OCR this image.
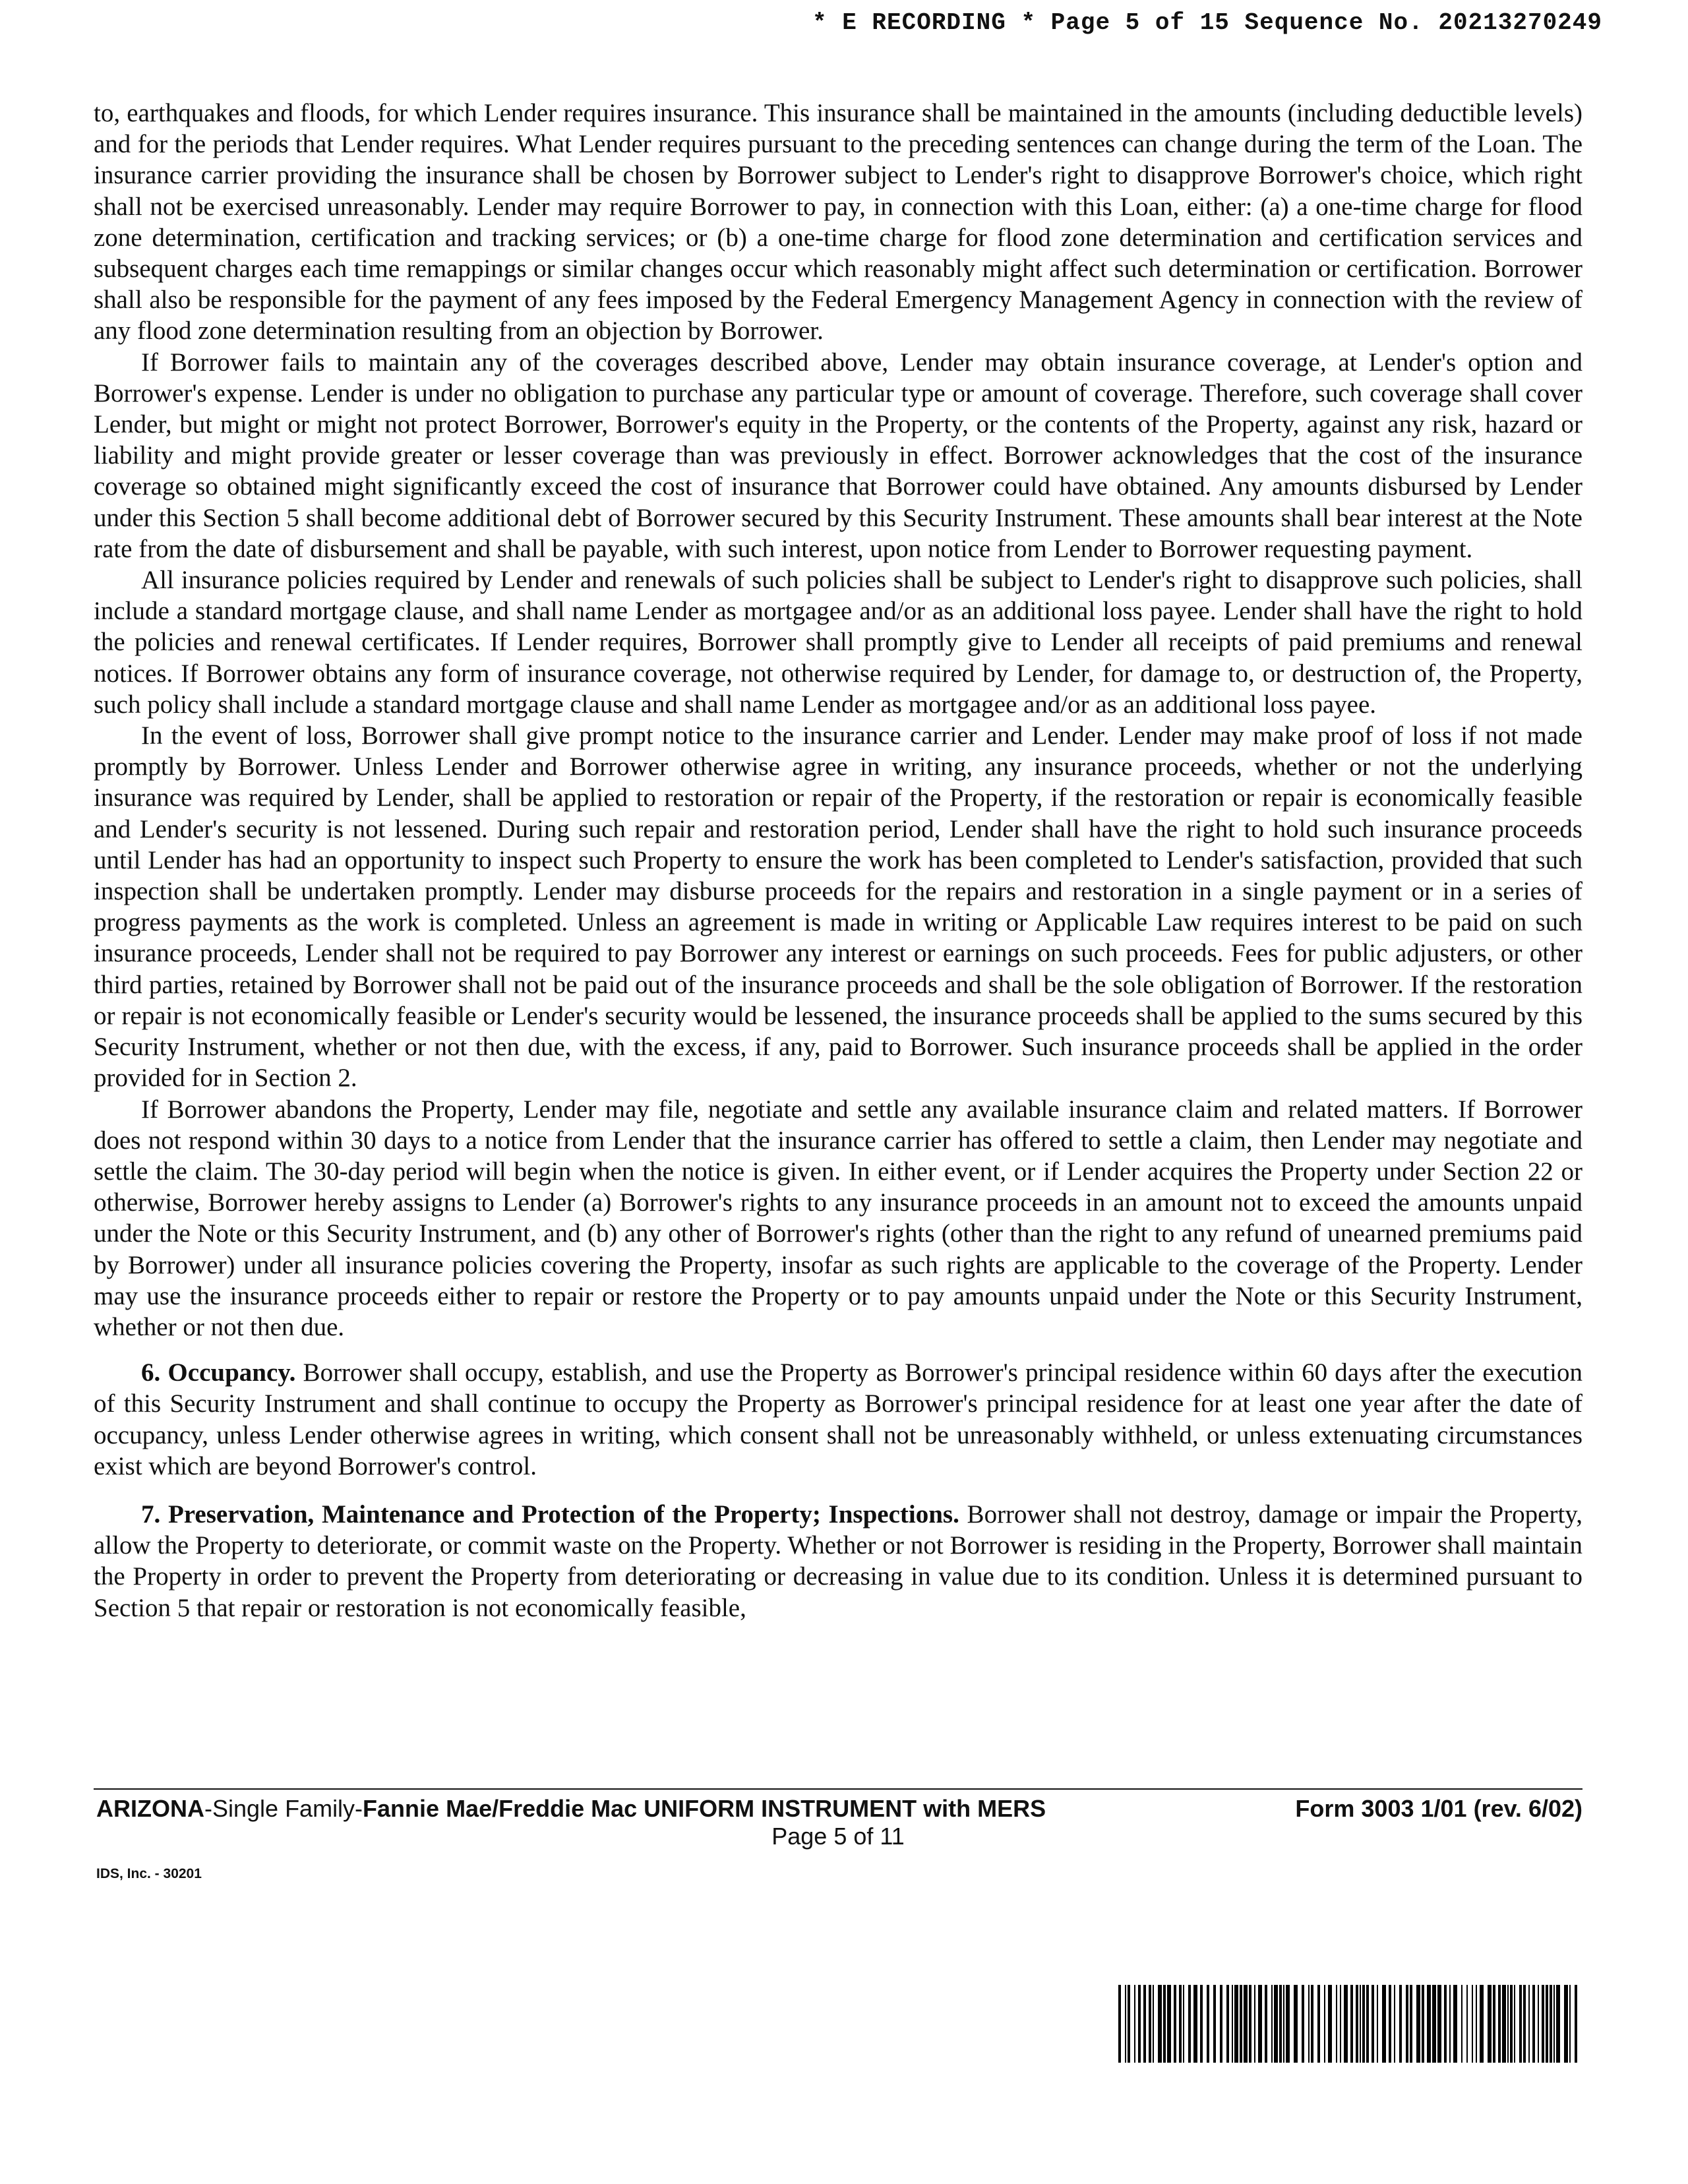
* E RECORDING * Page 5 of 15 Sequence No. 20213270249

to, earthquakes and floods, for which Lender requires insurance. This insurance shall be maintained in the amounts (including deductible levels) and for the periods that Lender requires. What Lender requires pursuant to the preceding sentences can change during the term of the Loan. The insurance carrier providing the insurance shall be chosen by Borrower subject to Lender's right to disapprove Borrower's choice, which right shall not be exercised unreasonably. Lender may require Borrower to pay, in connection with this Loan, either: (a) a one-time charge for flood zone determination, certification and tracking services; or (b) a one-time charge for flood zone determination and certification services and subsequent charges each time remappings or similar changes occur which reasonably might affect such determination or certification. Borrower shall also be responsible for the payment of any fees imposed by the Federal Emergency Management Agency in connection with the review of any flood zone determination resulting from an objection by Borrower.

If Borrower fails to maintain any of the coverages described above, Lender may obtain insurance coverage, at Lender's option and Borrower's expense. Lender is under no obligation to purchase any particular type or amount of coverage. Therefore, such coverage shall cover Lender, but might or might not protect Borrower, Borrower's equity in the Property, or the contents of the Property, against any risk, hazard or liability and might provide greater or lesser coverage than was previously in effect. Borrower acknowledges that the cost of the insurance coverage so obtained might significantly exceed the cost of insurance that Borrower could have obtained. Any amounts disbursed by Lender under this Section 5 shall become additional debt of Borrower secured by this Security Instrument. These amounts shall bear interest at the Note rate from the date of disbursement and shall be payable, with such interest, upon notice from Lender to Borrower requesting payment.

All insurance policies required by Lender and renewals of such policies shall be subject to Lender's right to disapprove such policies, shall include a standard mortgage clause, and shall name Lender as mortgagee and/or as an additional loss payee. Lender shall have the right to hold the policies and renewal certificates. If Lender requires, Borrower shall promptly give to Lender all receipts of paid premiums and renewal notices. If Borrower obtains any form of insurance coverage, not otherwise required by Lender, for damage to, or destruction of, the Property, such policy shall include a standard mortgage clause and shall name Lender as mortgagee and/or as an additional loss payee.

In the event of loss, Borrower shall give prompt notice to the insurance carrier and Lender. Lender may make proof of loss if not made promptly by Borrower. Unless Lender and Borrower otherwise agree in writing, any insurance proceeds, whether or not the underlying insurance was required by Lender, shall be applied to restoration or repair of the Property, if the restoration or repair is economically feasible and Lender's security is not lessened. During such repair and restoration period, Lender shall have the right to hold such insurance proceeds until Lender has had an opportunity to inspect such Property to ensure the work has been completed to Lender's satisfaction, provided that such inspection shall be undertaken promptly. Lender may disburse proceeds for the repairs and restoration in a single payment or in a series of progress payments as the work is completed. Unless an agreement is made in writing or Applicable Law requires interest to be paid on such insurance proceeds, Lender shall not be required to pay Borrower any interest or earnings on such proceeds. Fees for public adjusters, or other third parties, retained by Borrower shall not be paid out of the insurance proceeds and shall be the sole obligation of Borrower. If the restoration or repair is not economically feasible or Lender's security would be lessened, the insurance proceeds shall be applied to the sums secured by this Security Instrument, whether or not then due, with the excess, if any, paid to Borrower. Such insurance proceeds shall be applied in the order provided for in Section 2.

If Borrower abandons the Property, Lender may file, negotiate and settle any available insurance claim and related matters. If Borrower does not respond within 30 days to a notice from Lender that the insurance carrier has offered to settle a claim, then Lender may negotiate and settle the claim. The 30-day period will begin when the notice is given. In either event, or if Lender acquires the Property under Section 22 or otherwise, Borrower hereby assigns to Lender (a) Borrower's rights to any insurance proceeds in an amount not to exceed the amounts unpaid under the Note or this Security Instrument, and (b) any other of Borrower's rights (other than the right to any refund of unearned premiums paid by Borrower) under all insurance policies covering the Property, insofar as such rights are applicable to the coverage of the Property. Lender may use the insurance proceeds either to repair or restore the Property or to pay amounts unpaid under the Note or this Security Instrument, whether or not then due.

6. Occupancy. Borrower shall occupy, establish, and use the Property as Borrower's principal residence within 60 days after the execution of this Security Instrument and shall continue to occupy the Property as Borrower's principal residence for at least one year after the date of occupancy, unless Lender otherwise agrees in writing, which consent shall not be unreasonably withheld, or unless extenuating circumstances exist which are beyond Borrower's control.

7. Preservation, Maintenance and Protection of the Property; Inspections. Borrower shall not destroy, damage or impair the Property, allow the Property to deteriorate, or commit waste on the Property. Whether or not Borrower is residing in the Property, Borrower shall maintain the Property in order to prevent the Property from deteriorating or decreasing in value due to its condition. Unless it is determined pursuant to Section 5 that repair or restoration is not economically feasible,

ARIZONA-Single Family-Fannie Mae/Freddie Mac UNIFORM INSTRUMENT with MERS	Form 3003 1/01 (rev. 6/02)
Page 5 of 11
IDS, Inc. - 30201
